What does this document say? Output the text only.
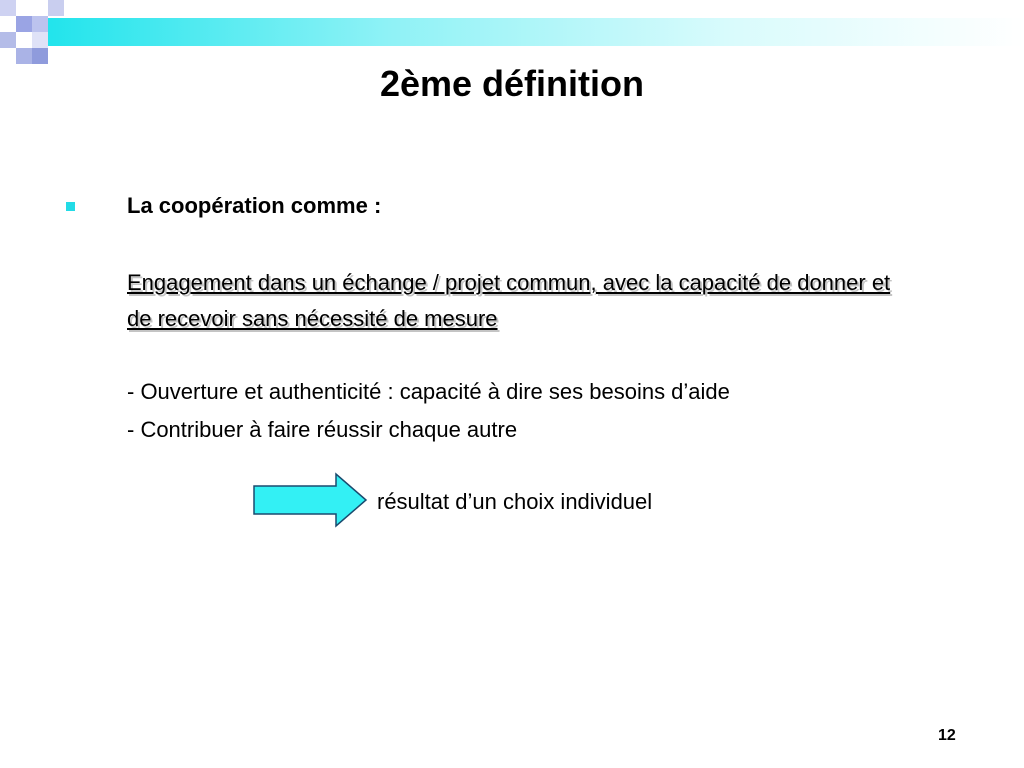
2ème définition
La coopération comme :
Engagement dans un échange / projet commun, avec la capacité de donner et de recevoir sans nécessité de mesure
- Ouverture et authenticité : capacité à dire ses besoins d’aide
- Contribuer à faire réussir chaque autre
résultat d’un choix individuel
12
